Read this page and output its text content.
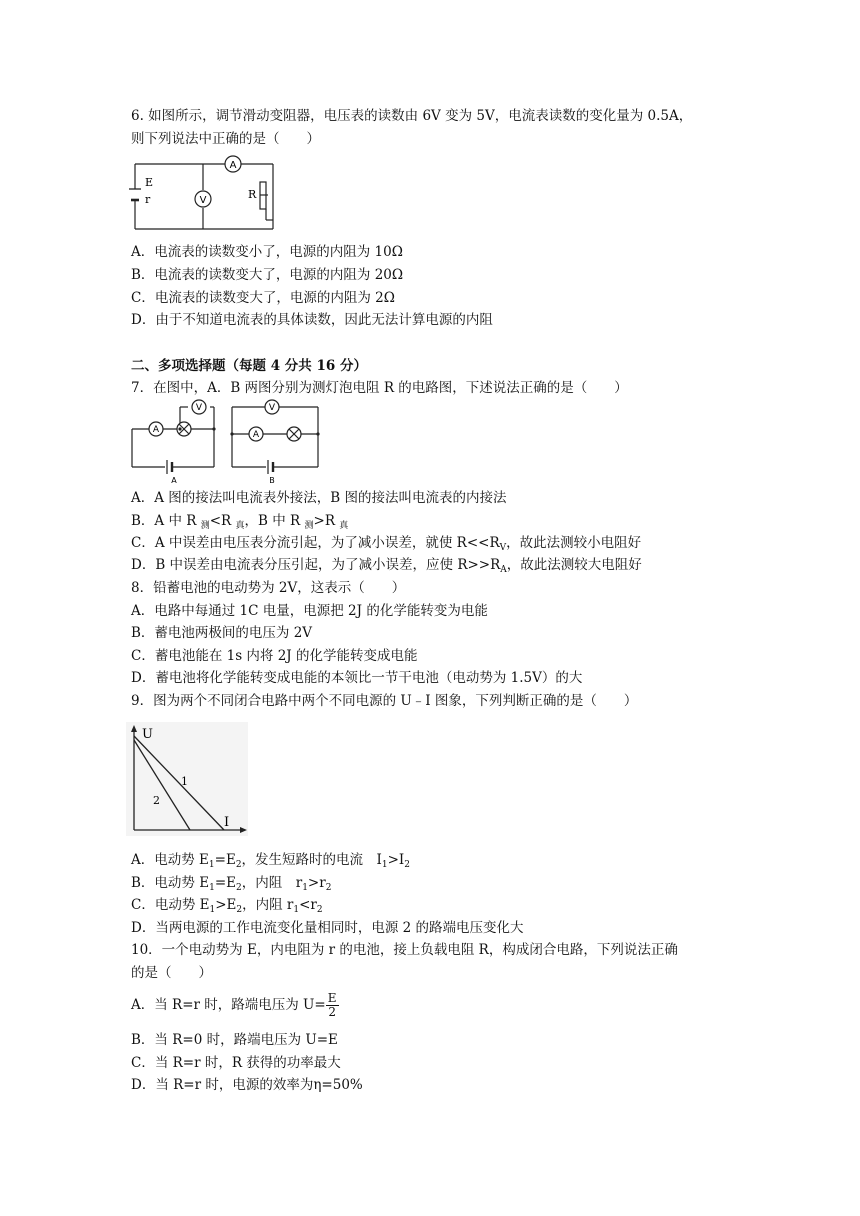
6. 如图所示，调节滑动变阻器，电压表的读数由 6V 变为 5V，电流表读数的变化量为 0.5A，
则下列说法中正确的是（　　）
E
r	V
A
R
A．电流表的读数变小了，电源的内阻为 10Ω
B．电流表的读数变大了，电源的内阻为 20Ω
C．电流表的读数变大了，电源的内阻为 2Ω
D．由于不知道电流表的具体读数，因此无法计算电源的内阻
二、多项选择题（每题 4 分共 16 分）
7．在图中，A．B 两图分别为测灯泡电阻 R 的电路图，下述说法正确的是（　　）
V
A
V
A
A	B
A．A 图的接法叫电流表外接法，B 图的接法叫电流表的内接法
B．A 中 R $_测$<R $_真$，B 中 R $_测$>R $_真$
C．A 中误差由电压表分流引起，为了减小误差，就使 $R<<R_V$，故此法测较小电阻好
D．B 中误差由电流表分压引起，为了减小误差，应使 $R>>R_A$，故此法测较大电阻好
8．铅蓄电池的电动势为 2V，这表示（　　）
A．电路中每通过 1C 电量，电源把 2J 的化学能转变为电能
B．蓄电池两极间的电压为 2V
C．蓄电池能在 1s 内将 2J 的化学能转变成电能
D．蓄电池将化学能转变成电能的本领比一节干电池（电动势为 1.5V）的大
9．图为两个不同闭合电路中两个不同电源的 U﹣I 图象，下列判断正确的是（　　）
U
I
1
2
A．电动势 $E_1=E_2$，发生短路时的电流　$I_1>I_2$
B．电动势 $E_1=E_2$，内阻　$r_1>r_2$
C．电动势 $E_1>E_2$，内阻 $r_1<r_2$
D．当两电源的工作电流变化量相同时，电源 2 的路端电压变化大
10．一个电动势为 E，内电阻为 r 的电池，接上负载电阻 R，构成闭合电路，下列说法正确
的是（　　）
A．当 R=r 时，路端电压为 $U= \frac{E}{2}$
B．当 R=0 时，路端电压为 U=E
C．当 R=r 时，R 获得的功率最大
D．当 R=r 时，电源的效率为η=50%
